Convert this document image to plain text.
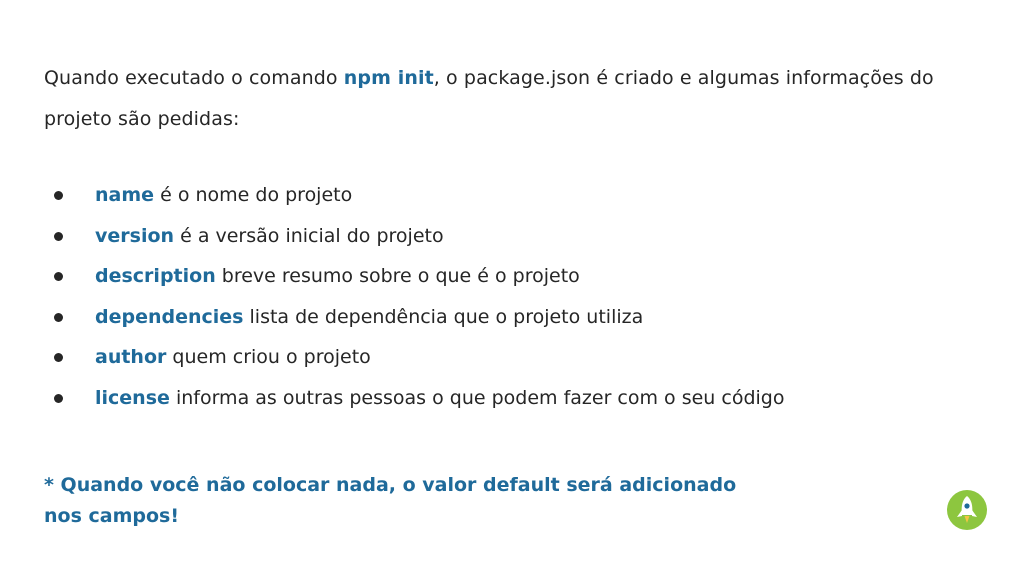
Quando executado o comando npm init, o package.json é criado e algumas informações do projeto são pedidas:

name é o nome do projeto
version é a versão inicial do projeto
description breve resumo sobre o que é o projeto
dependencies lista de dependência que o projeto utiliza
author quem criou o projeto
license informa as outras pessoas o que podem fazer com o seu código
* Quando você não colocar nada, o valor default será adicionado
nos campos!
